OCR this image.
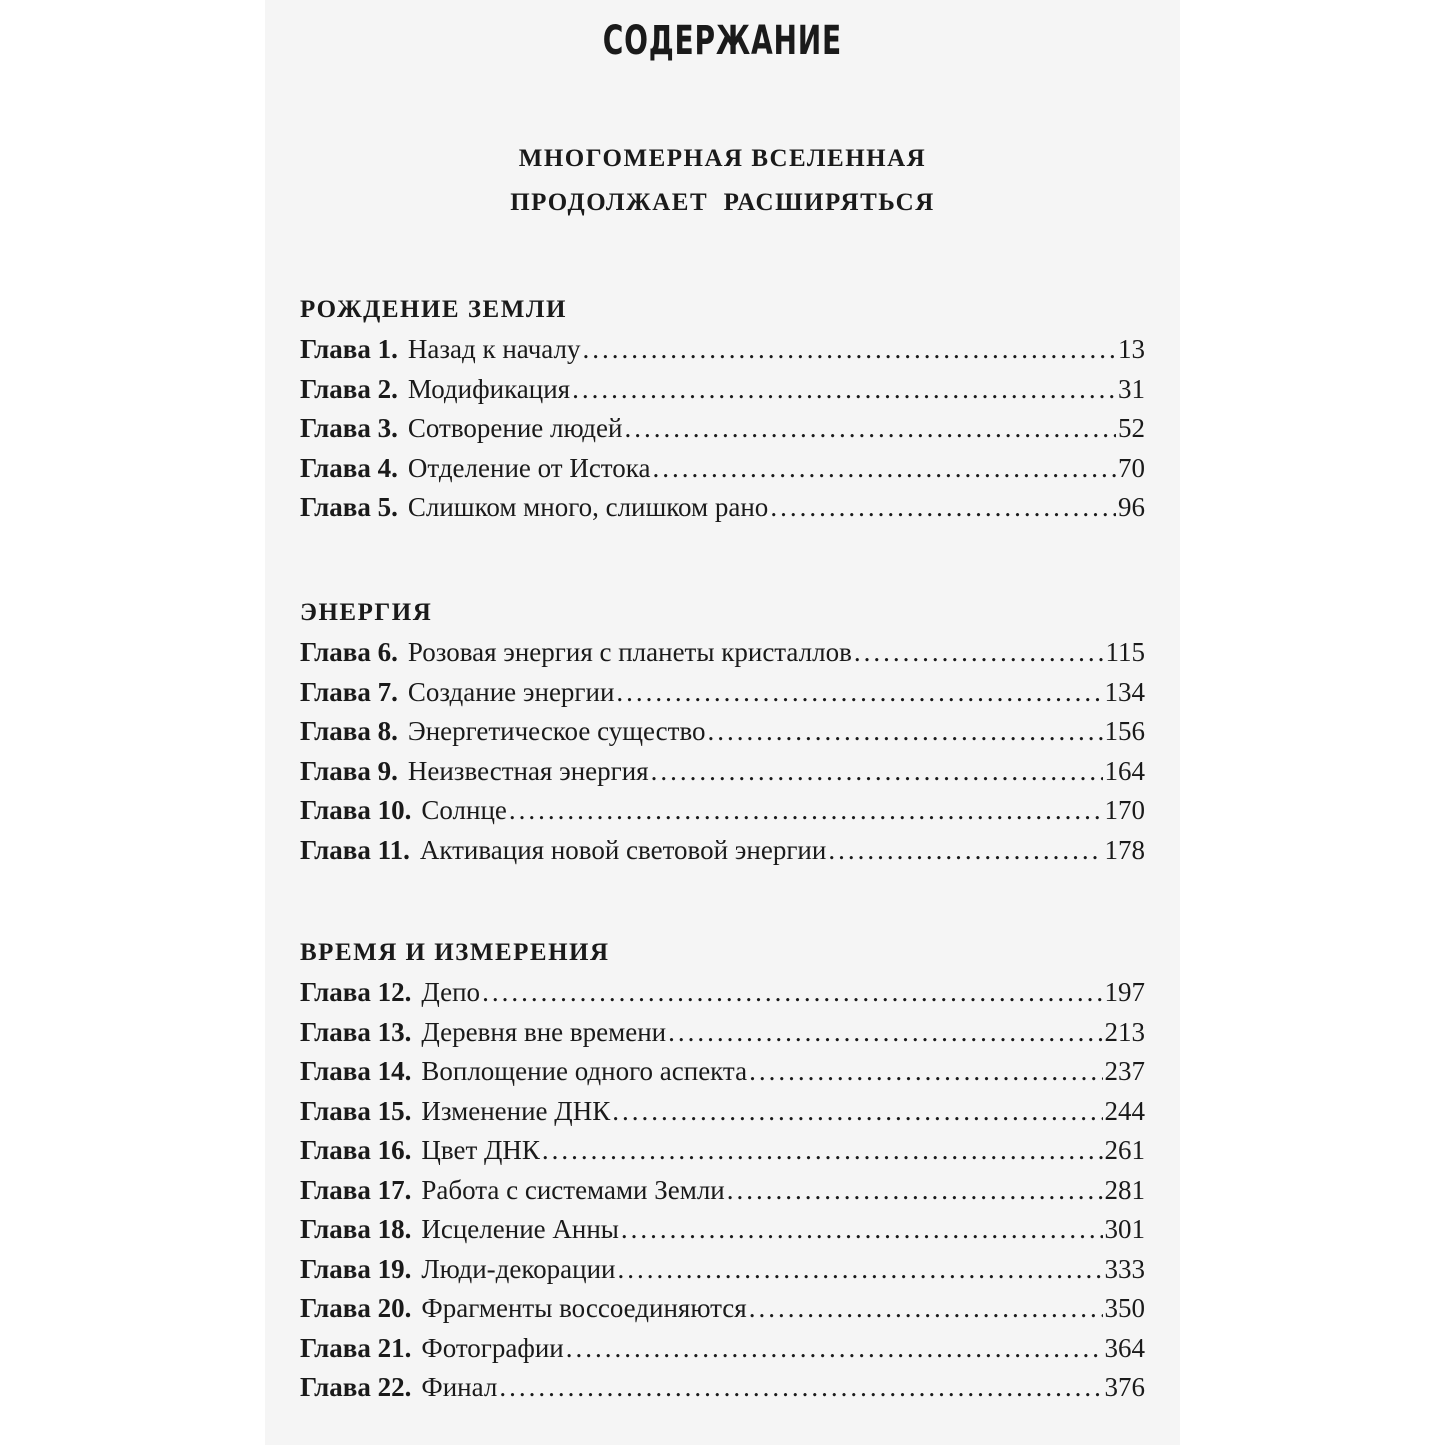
СОДЕРЖАНИЕ
МНОГОМЕРНАЯ ВСЕЛЕННАЯ
ПРОДОЛЖАЕТ  РАСШИРЯТЬСЯ
РОЖДЕНИЕ ЗЕМЛИ
Глава 1. Назад к началу .....	13
Глава 2. Модификация .....	31
Глава 3. Сотворение людей .....	52
Глава 4. Отделение от Истока .....	70
Глава 5. Слишком много, слишком рано .....	96
ЭНЕРГИЯ
Глава 6. Розовая энергия с планеты кристаллов .....	115
Глава 7. Создание энергии .....	134
Глава 8. Энергетическое существо .....	156
Глава 9. Неизвестная энергия .....	164
Глава 10. Солнце .....	170
Глава 11. Активация новой световой энергии .....	178
ВРЕМЯ И ИЗМЕРЕНИЯ
Глава 12. Депо .....	197
Глава 13. Деревня вне времени .....	213
Глава 14. Воплощение одного аспекта .....	237
Глава 15. Изменение ДНК .....	244
Глава 16. Цвет ДНК .....	261
Глава 17. Работа с системами Земли .....	281
Глава 18. Исцеление Анны .....	301
Глава 19. Люди-декорации .....	333
Глава 20. Фрагменты воссоединяются .....	350
Глава 21. Фотографии .....	364
Глава 22. Финал .....	376
